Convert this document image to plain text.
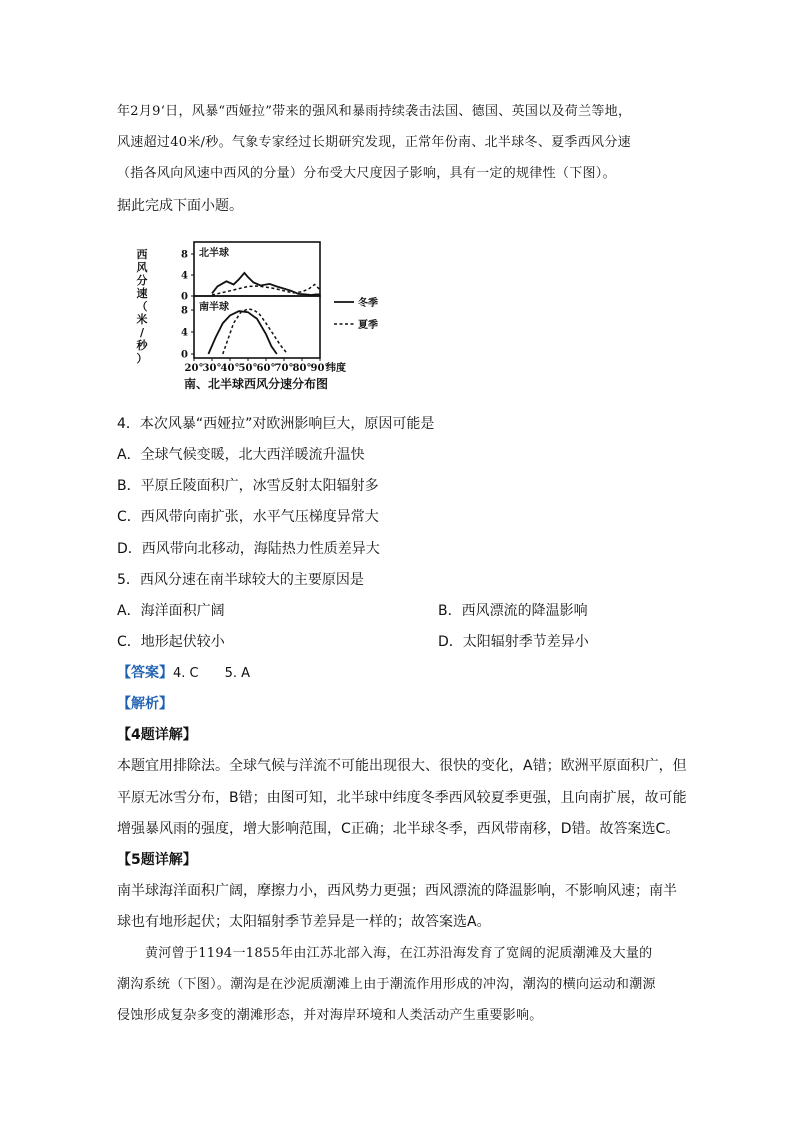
年2月9‘日，风暴“西娅拉”带来的强风和暴雨持续袭击法国、德国、英国以及荷兰等地，
风速超过40米/秒。气象专家经过长期研究发现，正常年份南、北半球冬、夏季西风分速
（指各风向风速中西风的分量）分布受大尺度因子影响，具有一定的规律性（下图）。
据此完成下面小题。
西
风
分
速
（
米
/
秒
）
北半球
南半球
8
4
0
8
4
0
冬季
夏季
20° 30° 40° 50° 60° 70° 80° 90°
纬度
南、北半球西风分速分布图
4．本次风暴“西娅拉”对欧洲影响巨大，原因可能是
A．全球气候变暖，北大西洋暖流升温快
B．平原丘陵面积广，冰雪反射太阳辐射多
C．西风带向南扩张，水平气压梯度异常大
D．西风带向北移动，海陆热力性质差异大
5．西风分速在南半球较大的主要原因是
A．海洋面积广阔	B．西风漂流的降温影响
C．地形起伏较小	D．太阳辐射季节差异小
【答案】4. C　　5. A
【解析】
【4题详解】
本题宜用排除法。全球气候与洋流不可能出现很大、很快的变化，A错；欧洲平原面积广，但
平原无冰雪分布，B错；由图可知，北半球中纬度冬季西风较夏季更强，且向南扩展，故可能
增强暴风雨的强度，增大影响范围，C正确；北半球冬季，西风带南移，D错。故答案选C。
【5题详解】
南半球海洋面积广阔，摩擦力小，西风势力更强；西风漂流的降温影响，不影响风速；南半
球也有地形起伏；太阳辐射季节差异是一样的；故答案选A。
黄河曾于1194一1855年由江苏北部入海，在江苏沿海发育了宽阔的泥质潮滩及大量的
潮沟系统（下图）。潮沟是在沙泥质潮滩上由于潮流作用形成的冲沟，潮沟的横向运动和潮源
侵蚀形成复杂多变的潮滩形态，并对海岸环境和人类活动产生重要影响。
